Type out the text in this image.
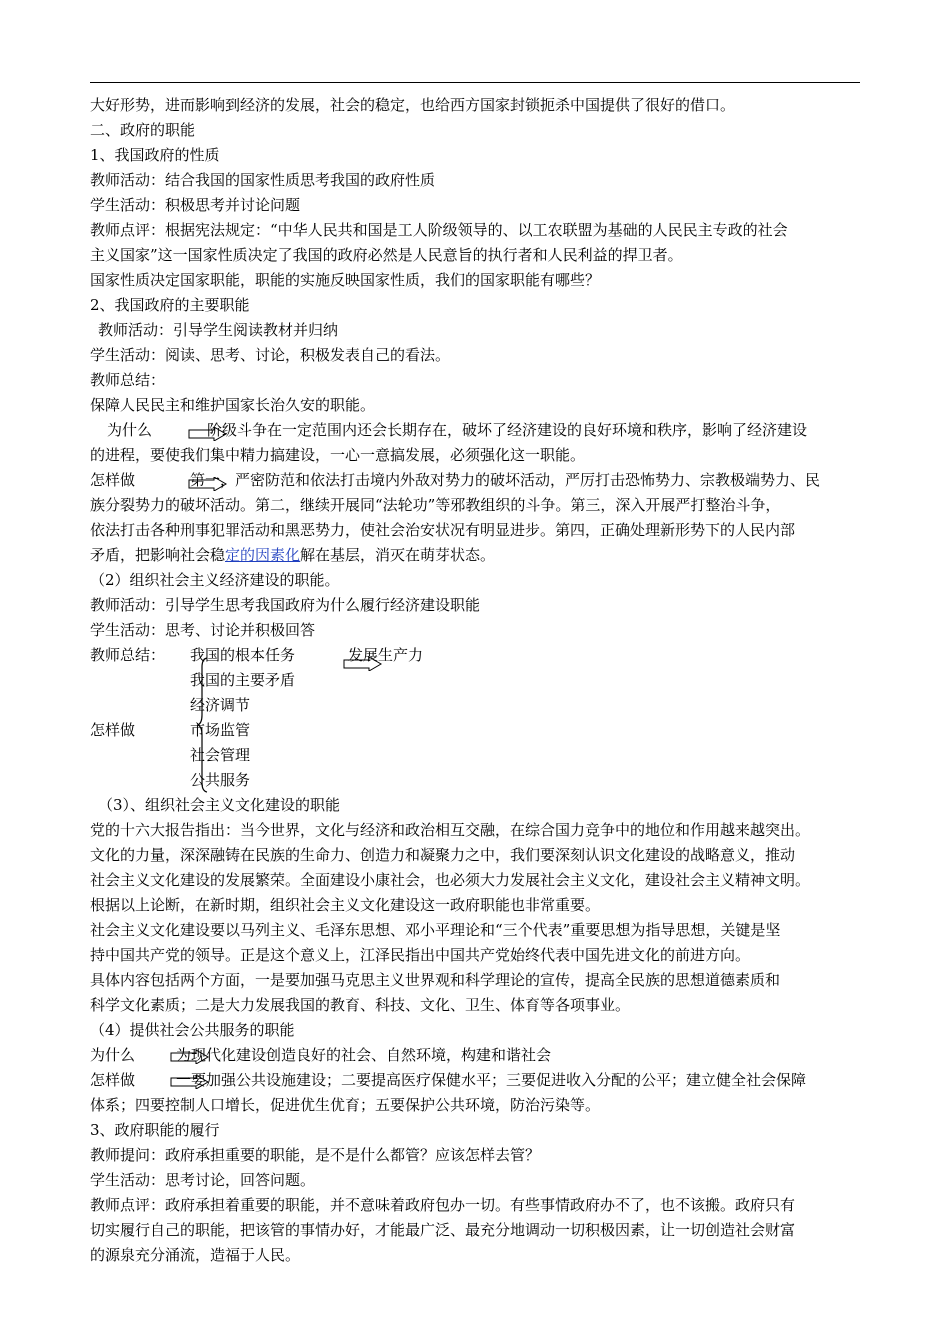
大好形势，进而影响到经济的发展，社会的稳定，也给西方国家封锁扼杀中国提供了很好的借口。
二、政府的职能
1、我国政府的性质
教师活动：结合我国的国家性质思考我国的政府性质
学生活动：积极思考并讨论问题
教师点评：根据宪法规定：“中华人民共和国是工人阶级领导的、以工农联盟为基础的人民民主专政的社会
主义国家”这一国家性质决定了我国的政府必然是人民意旨的执行者和人民利益的捍卫者。
国家性质决定国家职能，职能的实施反映国家性质，我们的国家职能有哪些？
2、我国政府的主要职能
教师活动：引导学生阅读教材并归纳
学生活动：阅读、思考、讨论，积极发表自己的看法。
教师总结：
保障人民民主和维护国家长治久安的职能。
为什么	阶级斗争在一定范围内还会长期存在，破坏了经济建设的良好环境和秩序，影响了经济建设
的进程，要使我们集中精力搞建设，一心一意搞发展，必须强化这一职能。
怎样做	第一，严密防范和依法打击境内外敌对势力的破坏活动，严厉打击恐怖势力、宗教极端势力、民
族分裂势力的破坏活动。第二，继续开展同“法轮功”等邪教组织的斗争。第三，深入开展严打整治斗争，
依法打击各种刑事犯罪活动和黑恶势力，使社会治安状况有明显进步。第四，正确处理新形势下的人民内部
矛盾，把影响社会稳定的因素化解在基层，消灭在萌芽状态。
（2）组织社会主义经济建设的职能。
教师活动：引导学生思考我国政府为什么履行经济建设职能
学生活动：思考、讨论并积极回答
教师总结： 我国的根本任务	发展生产力
我国的主要矛盾
经济调节
怎样做	市场监管
社会管理
公共服务
（3）、组织社会主义文化建设的职能
党的十六大报告指出：当今世界，文化与经济和政治相互交融，在综合国力竞争中的地位和作用越来越突出。
文化的力量，深深融铸在民族的生命力、创造力和凝聚力之中，我们要深刻认识文化建设的战略意义，推动
社会主义文化建设的发展繁荣。全面建设小康社会，也必须大力发展社会主义文化，建设社会主义精神文明。
根据以上论断，在新时期，组织社会主义文化建设这一政府职能也非常重要。
社会主义文化建设要以马列主义、毛泽东思想、邓小平理论和“三个代表”重要思想为指导思想，关键是坚
持中国共产党的领导。正是这个意义上，江泽民指出中国共产党始终代表中国先进文化的前进方向。
具体内容包括两个方面，一是要加强马克思主义世界观和科学理论的宣传，提高全民族的思想道德素质和
科学文化素质；二是大力发展我国的教育、科技、文化、卫生、体育等各项事业。
（4）提供社会公共服务的职能
为什么	为现代化建设创造良好的社会、自然环境，构建和谐社会
怎样做	一要加强公共设施建设；二要提高医疗保健水平；三要促进收入分配的公平；建立健全社会保障
体系；四要控制人口增长，促进优生优育；五要保护公共环境，防治污染等。
3、政府职能的履行
教师提问：政府承担重要的职能，是不是什么都管？应该怎样去管？
学生活动：思考讨论，回答问题。
教师点评：政府承担着重要的职能，并不意味着政府包办一切。有些事情政府办不了，也不该搬。政府只有
切实履行自己的职能，把该管的事情办好，才能最广泛、最充分地调动一切积极因素，让一切创造社会财富
的源泉充分涌流，造福于人民。
